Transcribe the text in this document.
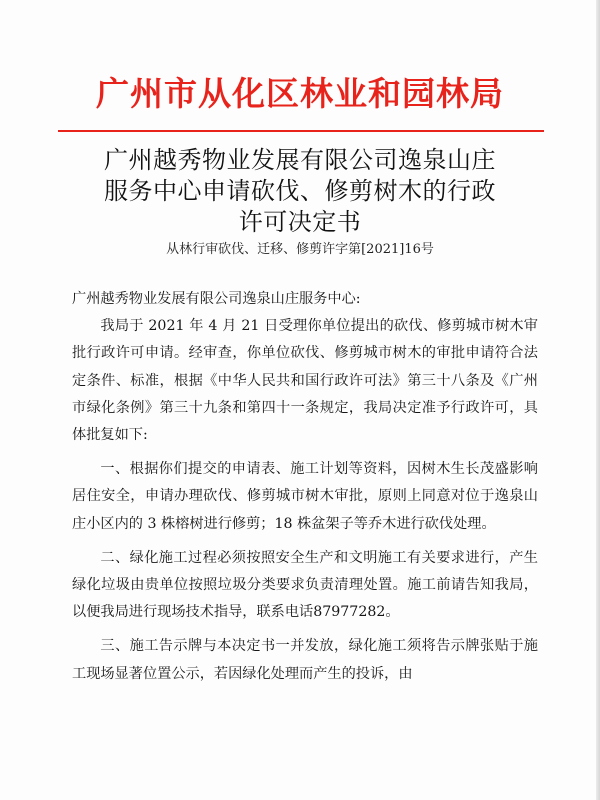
广州市从化区林业和园林局
广州越秀物业发展有限公司逸泉山庄
服务中心申请砍伐、修剪树木的行政
许可决定书
从林行审砍伐、迁移、修剪许字第[2021]16号

广州越秀物业发展有限公司逸泉山庄服务中心:

我局于 2021 年 4 月 21 日受理你单位提出的砍伐、修剪城市树木审批行政许可申请。经审查，你单位砍伐、修剪城市树木的审批申请符合法定条件、标准，根据《中华人民共和国行政许可法》第三十八条及《广州市绿化条例》第三十九条和第四十一条规定，我局决定准予行政许可，具体批复如下:

一、根据你们提交的申请表、施工计划等资料，因树木生长茂盛影响居住安全，申请办理砍伐、修剪城市树木审批，原则上同意对位于逸泉山庄小区内的 3 株榕树进行修剪；18 株盆架子等乔木进行砍伐处理。

二、绿化施工过程必须按照安全生产和文明施工有关要求进行，产生绿化垃圾由贵单位按照垃圾分类要求负责清理处置。施工前请告知我局，以便我局进行现场技术指导，联系电话87977282。

三、施工告示牌与本决定书一并发放，绿化施工须将告示牌张贴于施工现场显著位置公示，若因绿化处理而产生的投诉，由
